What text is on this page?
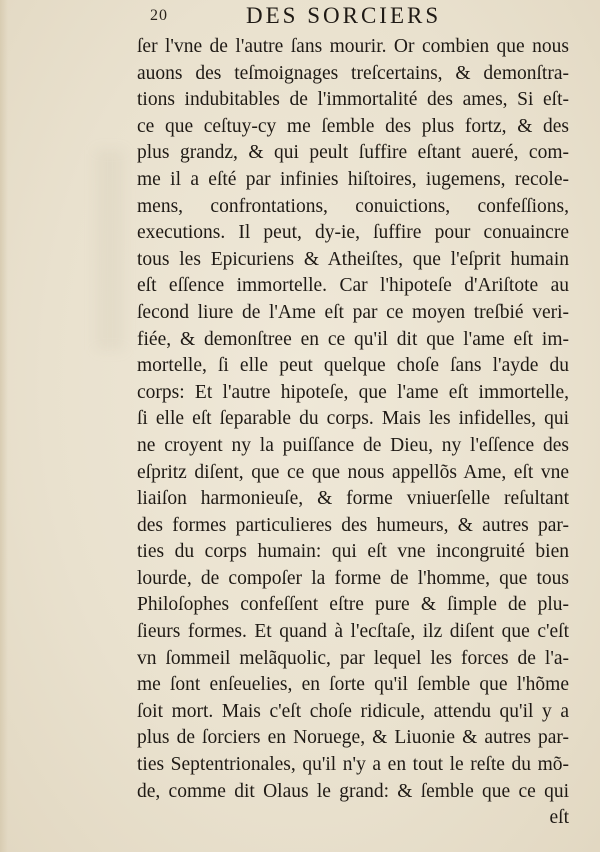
20	DES SORCIERS
ſer l'vne de l'autre ſans mourir. Or combien que nous
auons des teſmoignages treſcertains, & demonſtra-
tions indubitables de l'immortalité des ames, Si eſt-
ce que ceſtuy-cy me ſemble des plus fortz, & des
plus grandz, & qui peult ſuffire eſtant aueré, com-
me il a eſté par infinies hiſtoires, iugemens, recole-
mens, confrontations, conuictions, confeſſions,
executions. Il peut, dy-ie, ſuffire pour conuaincre
tous les Epicuriens & Atheiſtes, que l'eſprit humain
eſt eſſence immortelle. Car l'hipoteſe d'Ariſtote au
ſecond liure de l'Ame eſt par ce moyen treſbié veri-
fiée, & demonſtree en ce qu'il dit que l'ame eſt im-
mortelle, ſi elle peut quelque choſe ſans l'ayde du
corps: Et l'autre hipoteſe, que l'ame eſt immortelle,
ſi elle eſt ſeparable du corps. Mais les infidelles, qui
ne croyent ny la puiſſance de Dieu, ny l'eſſence des
eſpritz diſent, que ce que nous appellõs Ame, eſt vne
liaiſon harmonieuſe, & forme vniuerſelle reſultant
des formes particulieres des humeurs, & autres par-
ties du corps humain: qui eſt vne incongruité bien
lourde, de compoſer la forme de l'homme, que tous
Philoſophes confeſſent eſtre pure & ſimple de plu-
ſieurs formes. Et quand à l'ecſtaſe, ilz diſent que c'eſt
vn ſommeil melãquolic, par lequel les forces de l'a-
me ſont enſeuelies, en ſorte qu'il ſemble que l'hõme
ſoit mort. Mais c'eſt choſe ridicule, attendu qu'il y a
plus de ſorciers en Noruege, & Liuonie & autres par-
ties Septentrionales, qu'il n'y a en tout le reſte du mõ-
de, comme dit Olaus le grand: & ſemble que ce qui
eſt
